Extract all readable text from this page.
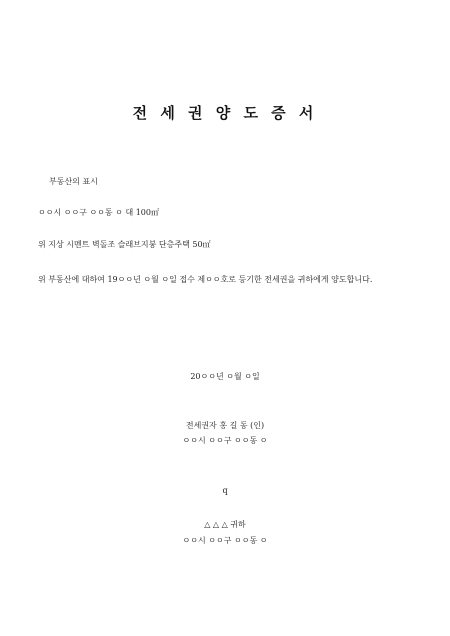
전 세 권 양 도 증 서
부동산의 표시
ㅇㅇ시 ㅇㅇ구 ㅇㅇ동 ㅇ 대 100㎡
위 지상 시멘트 벽돌조 슬래브지붕 단층주택 50㎡
위 부동산에 대하여 19ㅇㅇ년 ㅇ월 ㅇ일 접수 제ㅇㅇ호로 등기한 전세권을 귀하에게 양도합니다.
20ㅇㅇ년 ㅇ월 ㅇ일
전세권자 홍 길 동 (인)
ㅇㅇ시 ㅇㅇ구 ㅇㅇ동 ㅇ
q
△ △ △ 귀하
ㅇㅇ시 ㅇㅇ구 ㅇㅇ동 ㅇ
